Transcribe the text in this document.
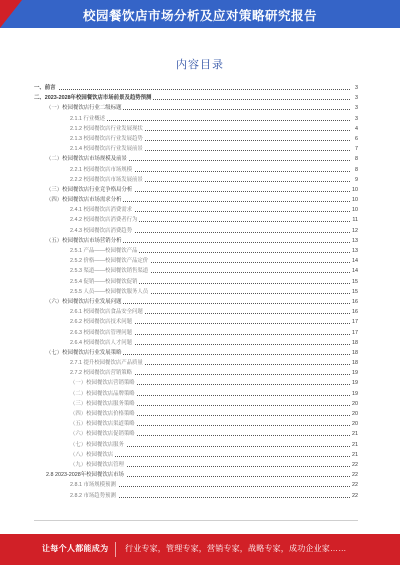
校园餐饮店市场分析及应对策略研究报告
内容目录
一、前言	3
二、2023-2028年校园餐饮店市场前景及趋势预测	3
（一）校园餐饮店行业二级标题	3
2.1.1 行业概述	3
2.1.2 校园餐饮店行业发展现状	4
2.1.3 校园餐饮店行业发展趋势	6
2.1.4 校园餐饮店行业发展前景	7
（二）校园餐饮店市场规模及前景	8
2.2.1 校园餐饮店市场规模	8
2.2.2 校园餐饮店市场发展前景	9
（三）校园餐饮店行业竞争格局分析	10
（四）校园餐饮店市场需求分析	10
2.4.1 校园餐饮店消费需求	10
2.4.2 校园餐饮店消费者行为	11
2.4.3 校园餐饮店消费趋势	12
（五）校园餐饮店市场营销分析	13
2.5.1 产品——校园餐饮产品	13
2.5.2 价格——校园餐饮产品定价	14
2.5.3 渠道——校园餐饮销售渠道	14
2.5.4 促销——校园餐饮促销	15
2.5.5 人员——校园餐饮服务人员	15
（六）校园餐饮店行业发展问题	16
2.6.1 校园餐饮店食品安全问题	16
2.6.2 校园餐饮店技术问题	17
2.6.3 校园餐饮店管理问题	17
2.6.4 校园餐饮店人才问题	18
（七）校园餐饮店行业发展策略	18
2.7.1 提升校园餐饮店产品质量	18
2.7.2 校园餐饮店营销策略	19
（一）校园餐饮店营销策略	19
（二）校园餐饮店品牌策略	19
（三）校园餐饮店服务策略	20
（四）校园餐饮店价格策略	20
（五）校园餐饮店渠道策略	20
（六）校园餐饮店促销策略	21
（七）校园餐饮店服务	21
（八）校园餐饮店	21
（九）校园餐饮店管理	22
2.8 2023-2028年校园餐饮店市场	22
2.8.1 市场规模预测	22
2.8.2 市场趋势预测	22
让每个人都能成为 行业专家，管理专家，营销专家，战略专家，成功企业家……
